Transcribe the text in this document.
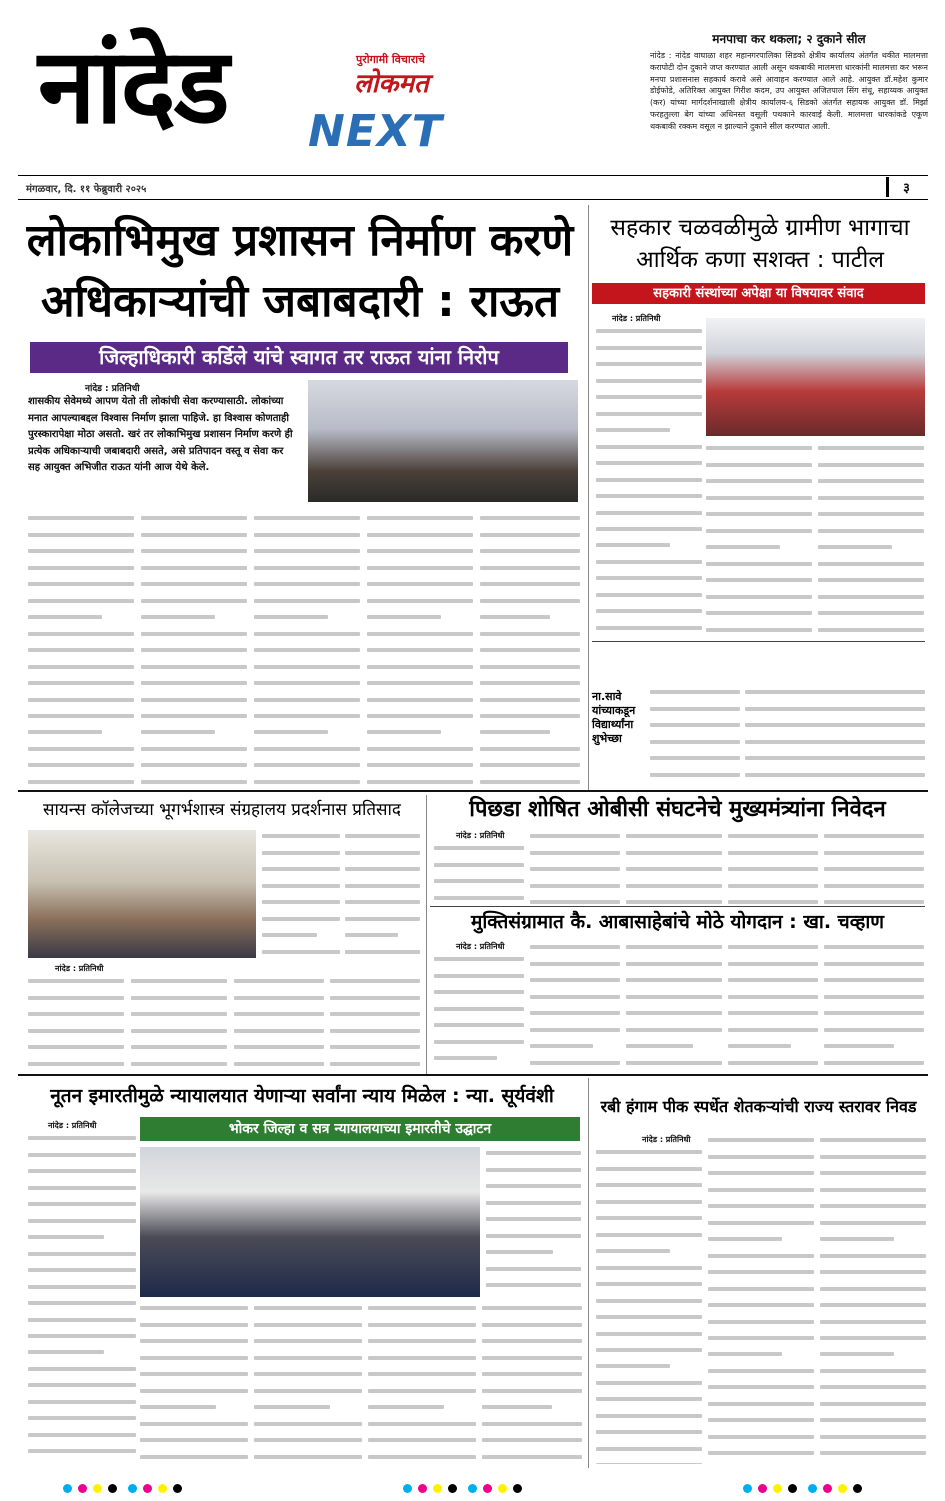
नांदेड	पुरोगामी विचाराचे
लोकमत
NEXT
मंगळवार, दि. ११ फेब्रुवारी २०२५	३
मनपाचा कर थकला; २ दुकाने सील
नांदेड : नांदेड वाघाळा शहर महानगरपालिका सिडको क्षेत्रीय कार्यालय अंतर्गत थकीत मालमत्ता करापोटी दोन दुकाने जप्त करण्यात आली असून थकबाकी मालमत्ता धारकांनी मालमत्ता कर भरून मनपा प्रशासनास सहकार्य करावे असे आवाहन करण्यात आले आहे. आयुक्त डॉ.महेश कुमार डोईफोडे, अतिरिक्त आयुक्त गिरीश कदम, उप आयुक्त अजितपाल सिंग संधू, सहाय्यक आयुक्त (कर) यांच्या मार्गदर्शनाखाली क्षेत्रीय कार्यालय-६ सिडको अंतर्गत सहायक आयुक्त डॉ. मिर्झा फरहतुल्ला बेग यांच्या अधिनस्त वसूली पथकाने कारवाई केली. मालमत्ता धारकांकडे एकूण थकबाकी रक्कम वसूल न झाल्याने दुकाने सील करण्यात आली.
लोकाभिमुख प्रशासन निर्माण करणे
अधिकाऱ्यांची जबाबदारी : राऊत
जिल्हाधिकारी कर्डिले यांचे स्वागत तर राऊत यांना निरोप
नांदेड : प्रतिनिधी
शासकीय सेवेमध्ये आपण येतो ती लोकांची सेवा करण्यासाठी. लोकांच्या मनात आपल्याबद्दल विश्वास निर्माण झाला पाहिजे. हा विश्वास कोणताही पुरस्कारापेक्षा मोठा असतो. खरं तर लोकाभिमुख प्रशासन निर्माण करणे ही प्रत्येक अधिकाऱ्याची जबाबदारी असते, असे प्रतिपादन वस्तू व सेवा कर सह आयुक्त अभिजीत राऊत यांनी आज येथे केले.
सहकार चळवळीमुळे ग्रामीण भागाचा
आर्थिक कणा सशक्त : पाटील
सहकारी संस्थांच्या अपेक्षा या विषयावर संवाद
नांदेड : प्रतिनिधी
ना.सावे यांच्याकडून विद्यार्थ्यांना शुभेच्छा
सायन्स कॉलेजच्या भूगर्भशास्त्र संग्रहालय प्रदर्शनास प्रतिसाद
नांदेड : प्रतिनिधी
पिछडा शोषित ओबीसी संघटनेचे मुख्यमंत्र्यांना निवेदन
नांदेड : प्रतिनिधी
मुक्तिसंग्रामात कै. आबासाहेबांचे मोठे योगदान : खा. चव्हाण
नांदेड : प्रतिनिधी
नूतन इमारतीमुळे न्यायालयात येणाऱ्या सर्वांना न्याय मिळेल : न्या. सूर्यवंशी
भोकर जिल्हा व सत्र न्यायालयाच्या इमारतीचे उद्घाटन
नांदेड : प्रतिनिधी
रबी हंगाम पीक स्पर्धेत शेतकऱ्यांची राज्य स्तरावर निवड
नांदेड : प्रतिनिधी
